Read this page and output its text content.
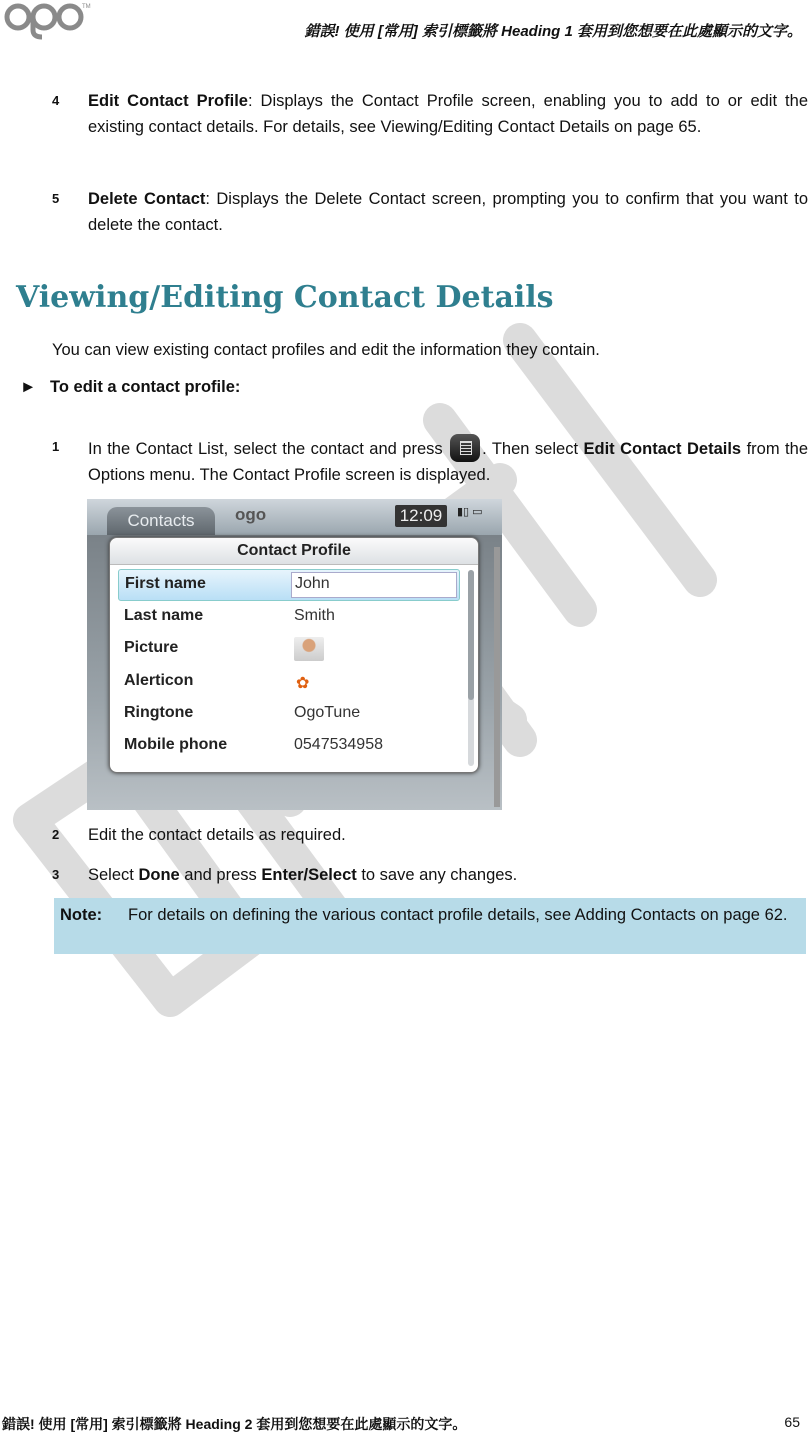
TM
錯誤! 使用 [常用] 索引標籤將 Heading 1 套用到您想要在此處顯示的文字。
4 Edit Contact Profile: Displays the Contact Profile screen, enabling you to add to or edit the existing contact details. For details, see Viewing/Editing Contact Details on page 65.
5 Delete Contact: Displays the Delete Contact screen, prompting you to confirm that you want to delete the contact.
Viewing/Editing Contact Details
You can view existing contact profiles and edit the information they contain.
► To edit a contact profile:
1 In the Contact List, select the contact and press . Then select Edit Contact Details from the Options menu. The Contact Profile screen is displayed.
Contacts	ogo	12:09	▮▯ ▭
Contact Profile
First name	John
Last name	Smith
Picture
Alerticon	✿
Ringtone	OgoTune
Mobile phone	0547534958
2 Edit the contact details as required.
3 Select Done and press Enter/Select to save any changes.
Note: For details on defining the various contact profile details, see Adding Contacts on page 62.
錯誤! 使用 [常用] 索引標籤將 Heading 2 套用到您想要在此處顯示的文字。	65
